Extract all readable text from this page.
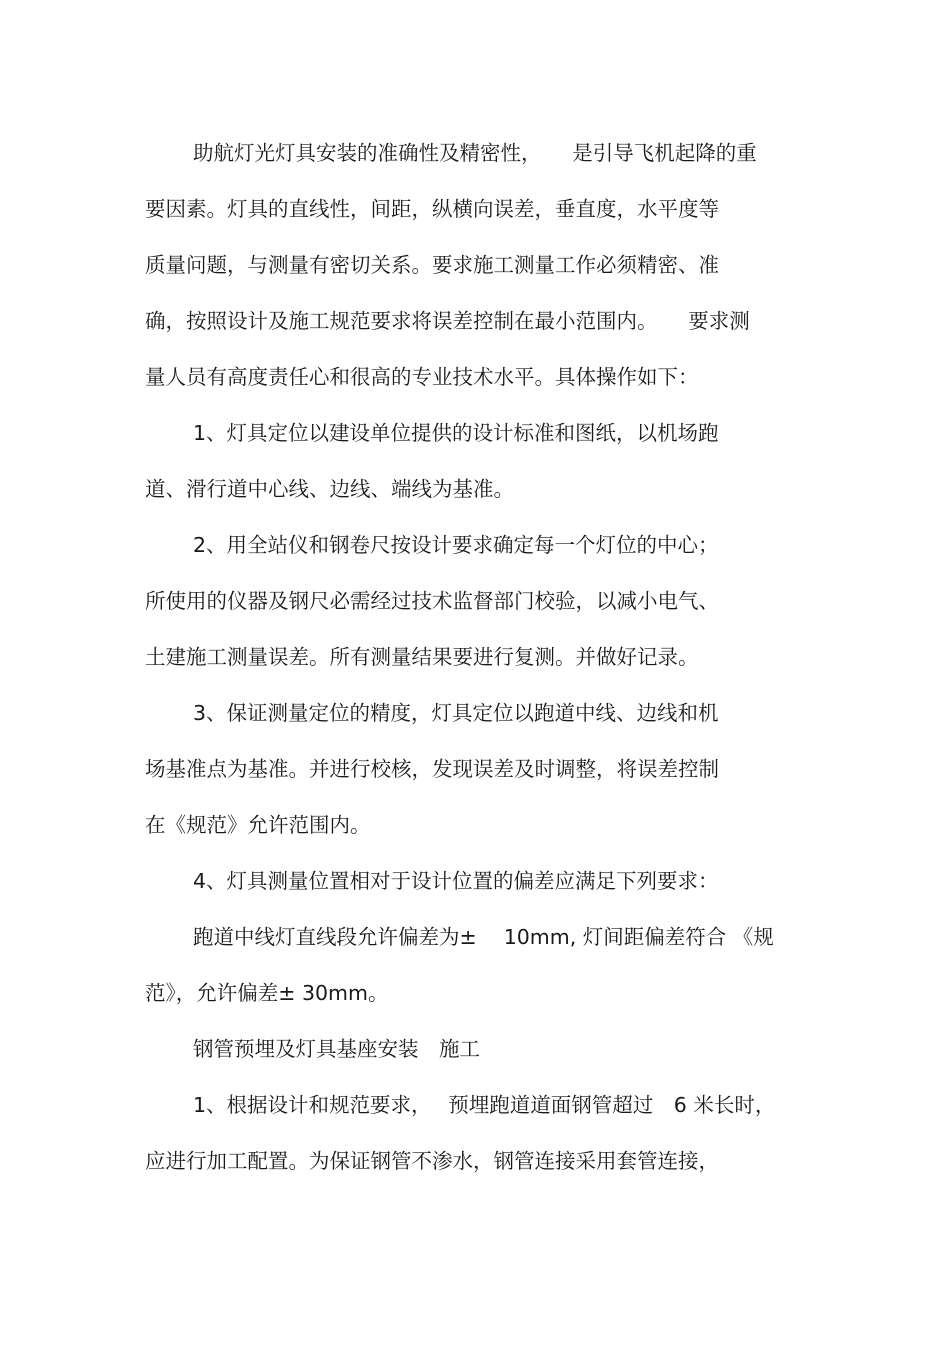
助航灯光灯具安装的准确性及精密性，　　是引导飞机起降的重
要因素。灯具的直线性，间距，纵横向误差，垂直度，水平度等
质量问题，与测量有密切关系。要求施工测量工作必须精密、准
确，按照设计及施工规范要求将误差控制在最小范围内。　　要求测
量人员有高度责任心和很高的专业技术水平。具体操作如下：
1、灯具定位以建设单位提供的设计标准和图纸，以机场跑
道、滑行道中心线、边线、端线为基准。
2、用全站仪和钢卷尺按设计要求确定每一个灯位的中心；
所使用的仪器及钢尺必需经过技术监督部门校验，以减小电气、
土建施工测量误差。所有测量结果要进行复测。并做好记录。
3、保证测量定位的精度，灯具定位以跑道中线、边线和机
场基准点为基准。并进行校核，发现误差及时调整，将误差控制
在《规范》允许范围内。
4、灯具测量位置相对于设计位置的偏差应满足下列要求：
跑道中线灯直线段允许偏差为±　 10mm, 灯间距偏差符合 《规
范》，允许偏差± 30mm。
钢管预埋及灯具基座安装　施工
1、根据设计和规范要求，　 预埋跑道道面钢管超过　6 米长时，
应进行加工配置。为保证钢管不渗水，钢管连接采用套管连接，
